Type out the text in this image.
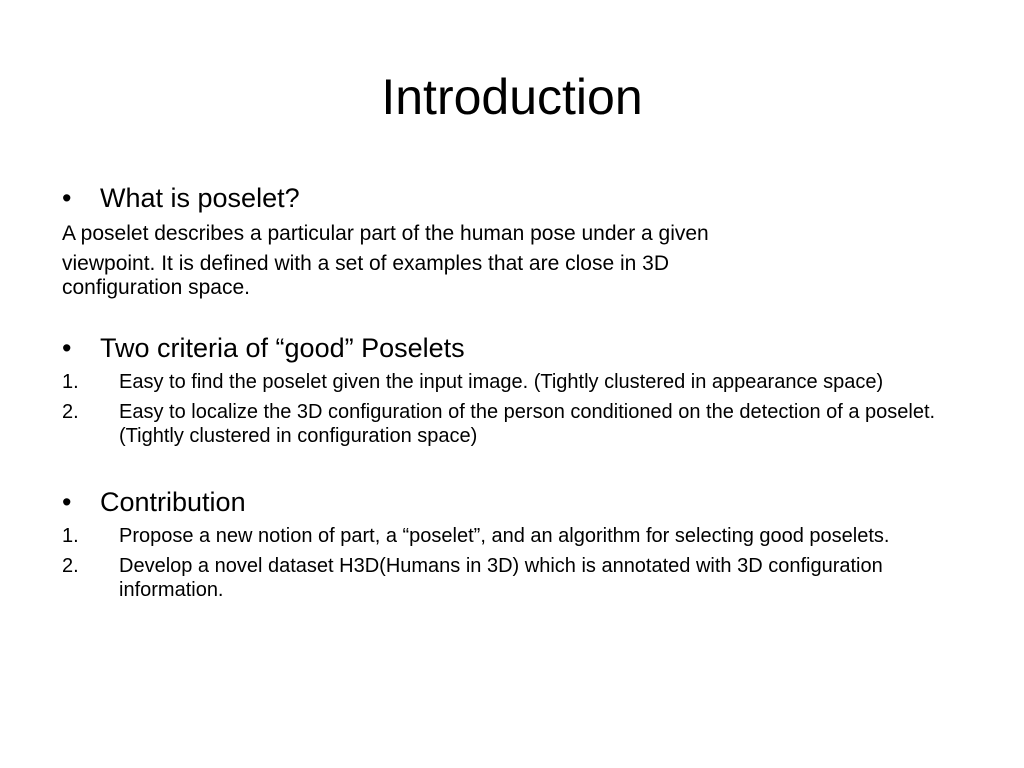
Introduction
•	What is poselet?
A poselet describes a particular part of the human pose under a given
viewpoint. It is defined with a set of examples that are close in 3D
configuration space.
•	Two criteria of “good” Poselets
1.	Easy to find the poselet given the input image. (Tightly clustered in appearance space)
2.	Easy to localize the 3D configuration of the person conditioned on the detection of a poselet. (Tightly clustered in configuration space)
•	Contribution
1.	Propose a new notion of part, a “poselet”, and an algorithm for selecting good poselets.
2.	Develop a novel dataset H3D(Humans in 3D) which is annotated with 3D configuration information.
